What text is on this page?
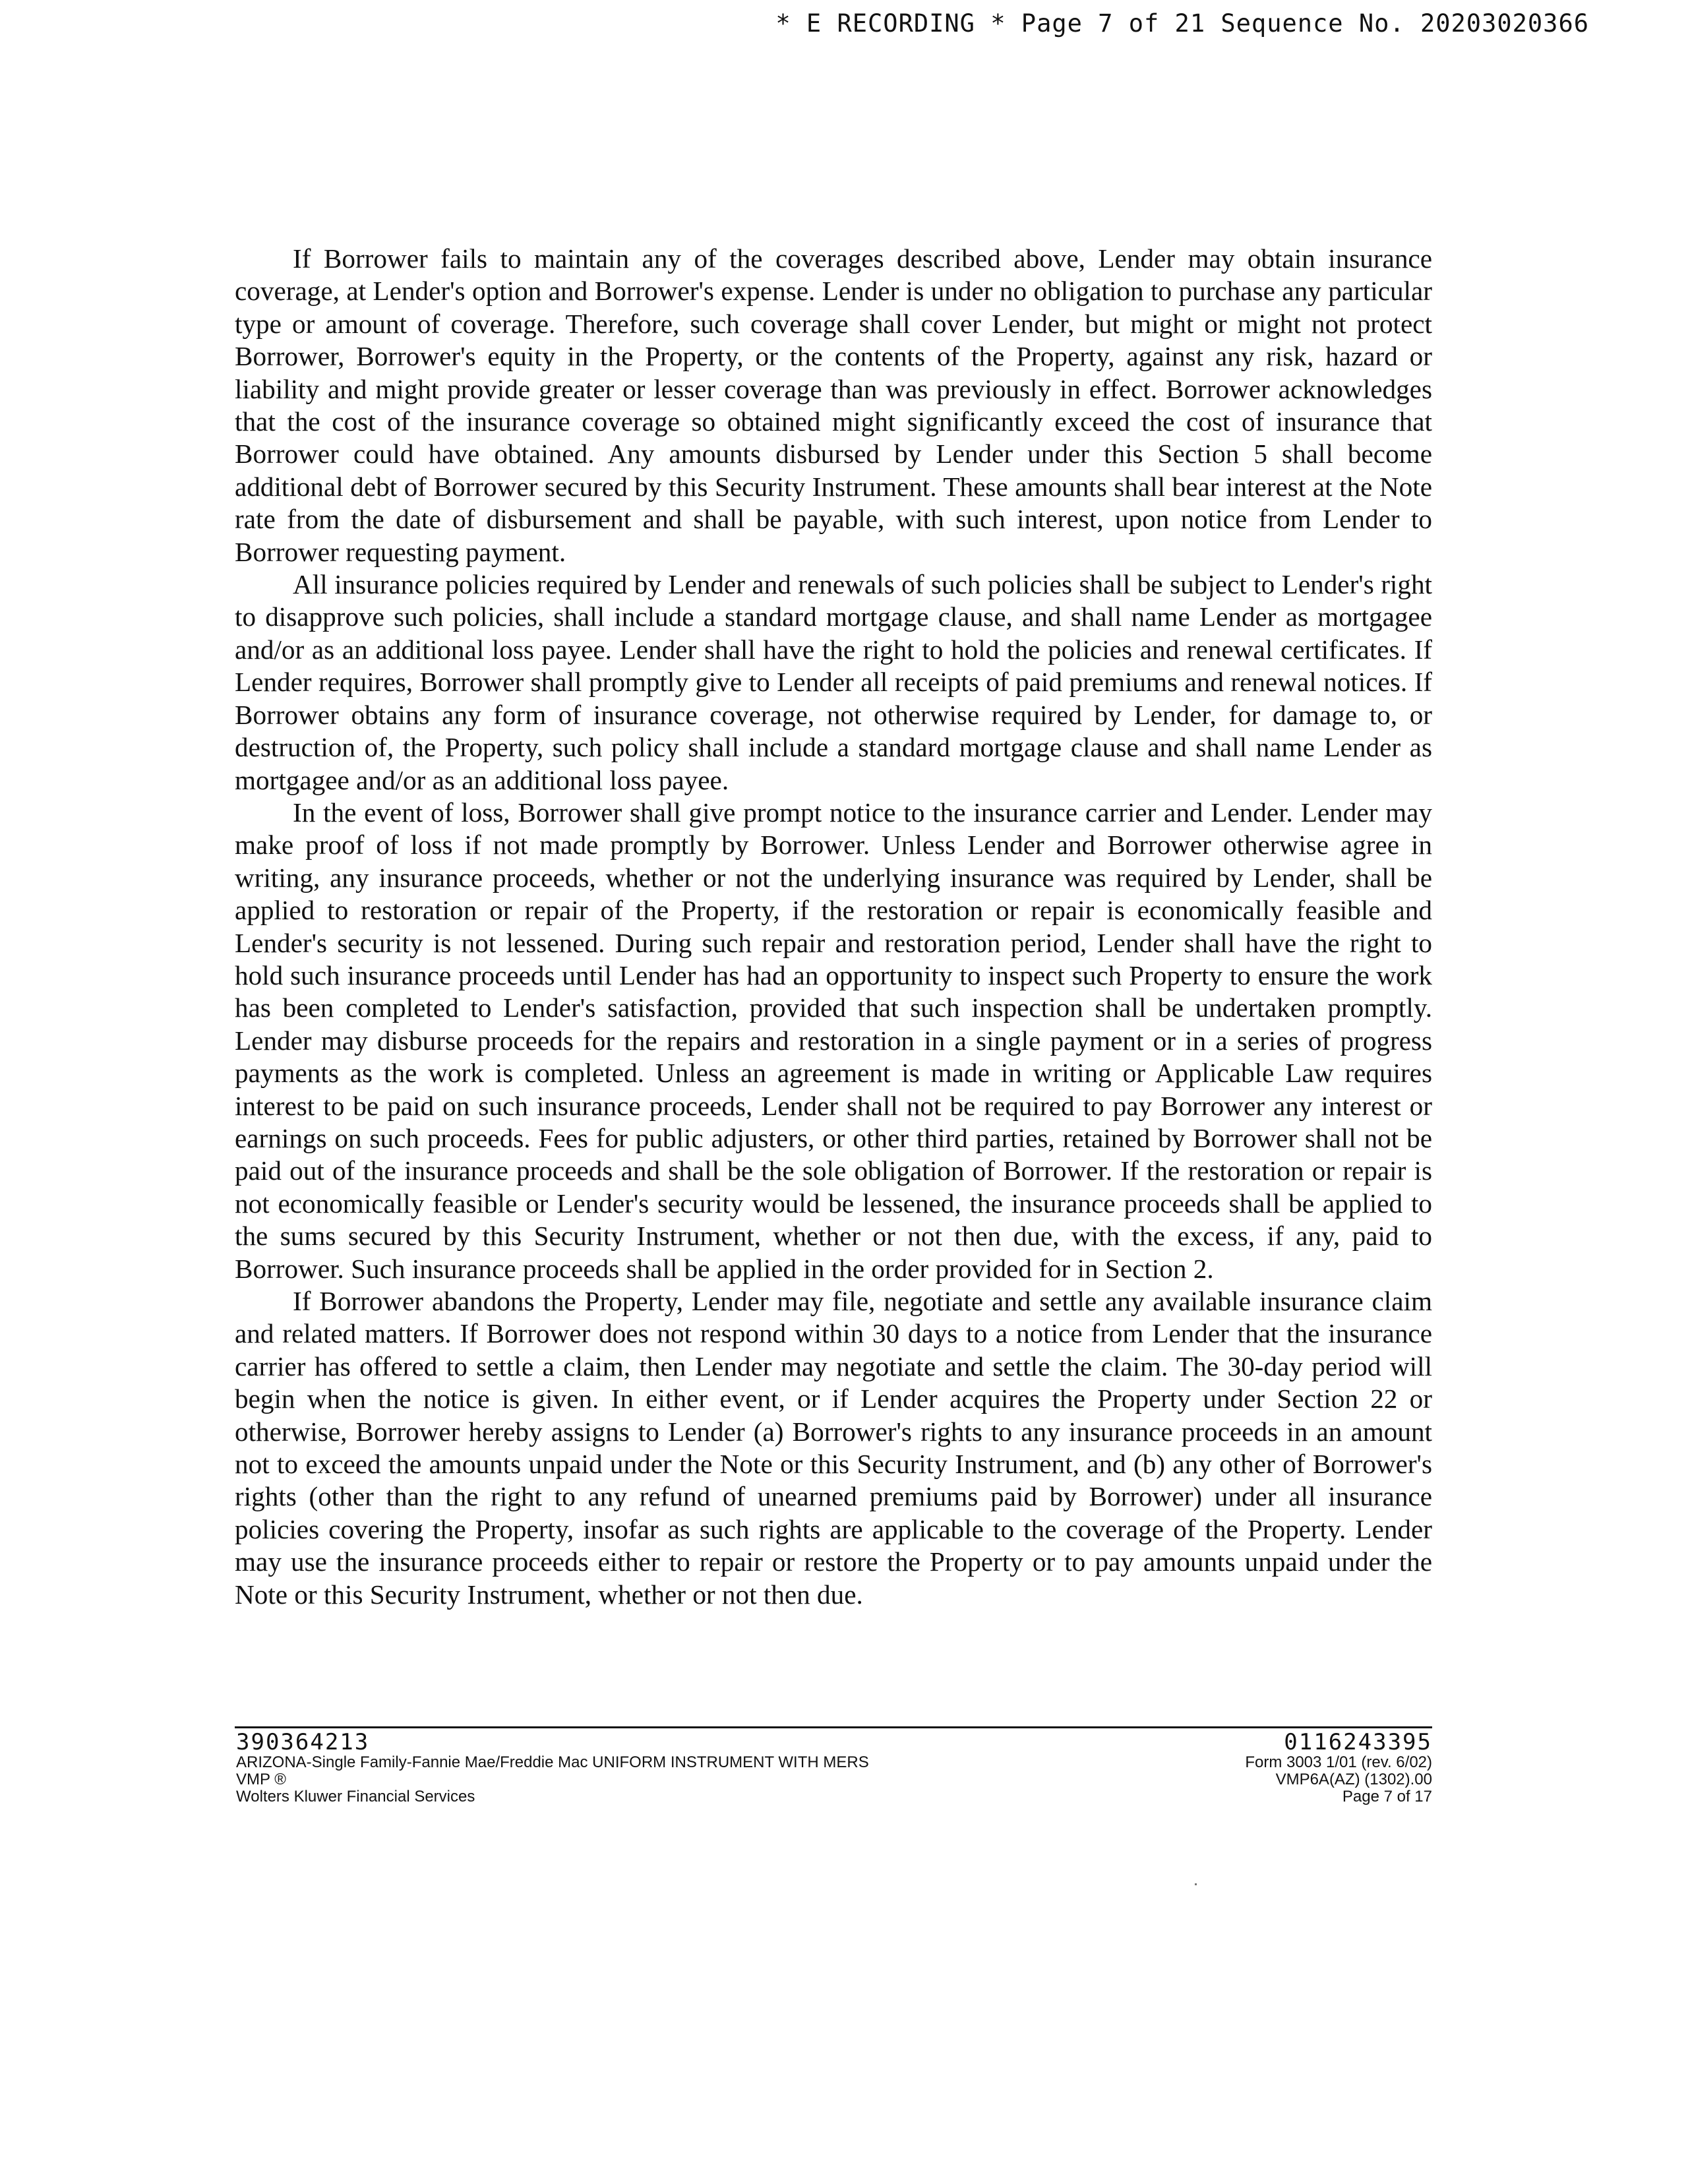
* E RECORDING * Page 7 of 21 Sequence No. 20203020366

If Borrower fails to maintain any of the coverages described above, Lender may obtain insurance coverage, at Lender's option and Borrower's expense. Lender is under no obligation to purchase any particular type or amount of coverage. Therefore, such coverage shall cover Lender, but might or might not protect Borrower, Borrower's equity in the Property, or the contents of the Property, against any risk, hazard or liability and might provide greater or lesser coverage than was previously in effect. Borrower acknowledges that the cost of the insurance coverage so obtained might significantly exceed the cost of insurance that Borrower could have obtained. Any amounts disbursed by Lender under this Section 5 shall become additional debt of Borrower secured by this Security Instrument. These amounts shall bear interest at the Note rate from the date of disbursement and shall be payable, with such interest, upon notice from Lender to Borrower requesting payment.

All insurance policies required by Lender and renewals of such policies shall be subject to Lender's right to disapprove such policies, shall include a standard mortgage clause, and shall name Lender as mortgagee and/or as an additional loss payee. Lender shall have the right to hold the policies and renewal certificates. If Lender requires, Borrower shall promptly give to Lender all receipts of paid premiums and renewal notices. If Borrower obtains any form of insurance coverage, not otherwise required by Lender, for damage to, or destruction of, the Property, such policy shall include a standard mortgage clause and shall name Lender as mortgagee and/or as an additional loss payee.

In the event of loss, Borrower shall give prompt notice to the insurance carrier and Lender. Lender may make proof of loss if not made promptly by Borrower. Unless Lender and Borrower otherwise agree in writing, any insurance proceeds, whether or not the underlying insurance was required by Lender, shall be applied to restoration or repair of the Property, if the restoration or repair is economically feasible and Lender's security is not lessened. During such repair and restoration period, Lender shall have the right to hold such insurance proceeds until Lender has had an opportunity to inspect such Property to ensure the work has been completed to Lender's satisfaction, provided that such inspection shall be undertaken promptly. Lender may disburse proceeds for the repairs and restoration in a single payment or in a series of progress payments as the work is completed. Unless an agreement is made in writing or Applicable Law requires interest to be paid on such insurance proceeds, Lender shall not be required to pay Borrower any interest or earnings on such proceeds. Fees for public adjusters, or other third parties, retained by Borrower shall not be paid out of the insurance proceeds and shall be the sole obligation of Borrower. If the restoration or repair is not economically feasible or Lender's security would be lessened, the insurance proceeds shall be applied to the sums secured by this Security Instrument, whether or not then due, with the excess, if any, paid to Borrower. Such insurance proceeds shall be applied in the order provided for in Section 2.

If Borrower abandons the Property, Lender may file, negotiate and settle any available insurance claim and related matters. If Borrower does not respond within 30 days to a notice from Lender that the insurance carrier has offered to settle a claim, then Lender may negotiate and settle the claim. The 30-day period will begin when the notice is given. In either event, or if Lender acquires the Property under Section 22 or otherwise, Borrower hereby assigns to Lender (a) Borrower's rights to any insurance proceeds in an amount not to exceed the amounts unpaid under the Note or this Security Instrument, and (b) any other of Borrower's rights (other than the right to any refund of unearned premiums paid by Borrower) under all insurance policies covering the Property, insofar as such rights are applicable to the coverage of the Property. Lender may use the insurance proceeds either to repair or restore the Property or to pay amounts unpaid under the Note or this Security Instrument, whether or not then due.

390364213
ARIZONA-Single Family-Fannie Mae/Freddie Mac UNIFORM INSTRUMENT WITH MERS
VMP ®
Wolters Kluwer Financial Services
0116243395
Form 3003 1/01 (rev. 6/02)
VMP6A(AZ) (1302).00
Page 7 of 17
